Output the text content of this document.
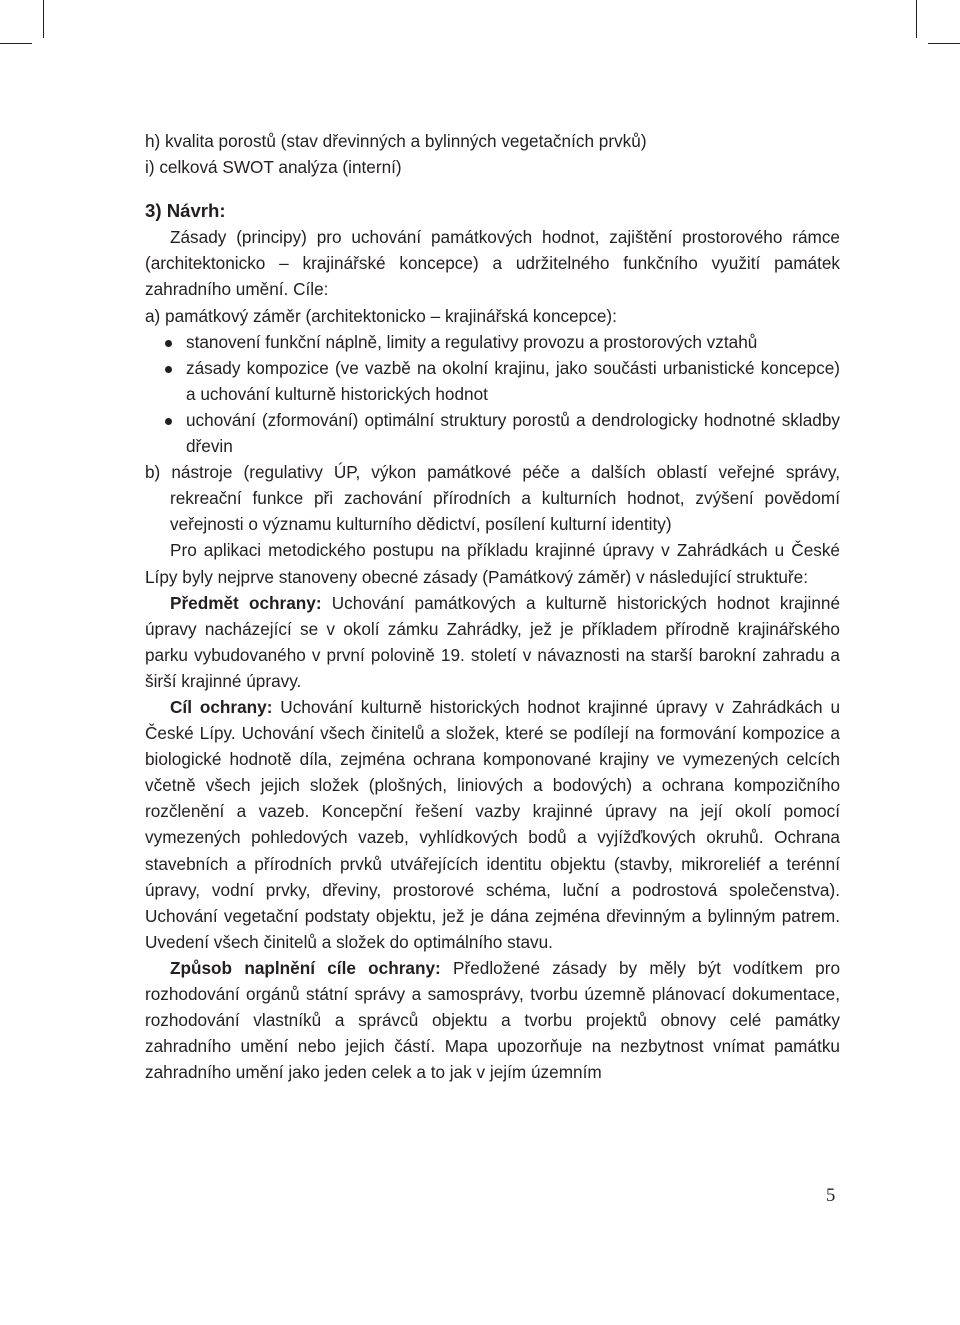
h) kvalita porostů (stav dřevinných a bylinných vegetačních prvků)
i) celková SWOT analýza (interní)
3) Návrh:

Zásady (principy) pro uchování památkových hodnot, zajištění prostorového rámce (architektonicko – krajinářské koncepce) a udržitelného funkčního využití památek zahradního umění. Cíle:

a) památkový záměr (architektonicko – krajinářská koncepce):
stanovení funkční náplně, limity a regulativy provozu a prostorových vztahů
zásady kompozice (ve vazbě na okolní krajinu, jako součásti urbanistické koncepce) a uchování kulturně historických hodnot
uchování (zformování) optimální struktury porostů a dendrologicky hodnotné skladby dřevin

b) nástroje (regulativy ÚP, výkon památkové péče a dalších oblastí veřejné správy, rekreační funkce při zachování přírodních a kulturních hodnot, zvýšení povědomí veřejnosti o významu kulturního dědictví, posílení kulturní identity)

Pro aplikaci metodického postupu na příkladu krajinné úpravy v Zahrádkách u České Lípy byly nejprve stanoveny obecné zásady (Památkový záměr) v následující struktuře:

Předmět ochrany: Uchování památkových a kulturně historických hodnot krajinné úpravy nacházející se v okolí zámku Zahrádky, jež je příkladem přírodně krajinářského parku vybudovaného v první polovině 19. století v návaznosti na starší barokní zahradu a širší krajinné úpravy.

Cíl ochrany: Uchování kulturně historických hodnot krajinné úpravy v Zahrádkách u České Lípy. Uchování všech činitelů a složek, které se podílejí na formování kompozice a biologické hodnotě díla, zejména ochrana komponované krajiny ve vymezených celcích včetně všech jejich složek (plošných, liniových a bodových) a ochrana kompozičního rozčlenění a vazeb. Koncepční řešení vazby krajinné úpravy na její okolí pomocí vymezených pohledových vazeb, vyhlídkových bodů a vyjížďkových okruhů. Ochrana stavebních a přírodních prvků utvářejících identitu objektu (stavby, mikroreliéf a terénní úpravy, vodní prvky, dřeviny, prostorové schéma, luční a podrostová společenstva). Uchování vegetační podstaty objektu, jež je dána zejména dřevinným a bylinným patrem. Uvedení všech činitelů a složek do optimálního stavu.

Způsob naplnění cíle ochrany: Předložené zásady by měly být vodítkem pro rozhodování orgánů státní správy a samosprávy, tvorbu územně plánovací dokumentace, rozhodování vlastníků a správců objektu a tvorbu projektů obnovy celé památky zahradního umění nebo jejich částí. Mapa upozorňuje na nezbytnost vnímat památku zahradního umění jako jeden celek a to jak v jejím územním

5
